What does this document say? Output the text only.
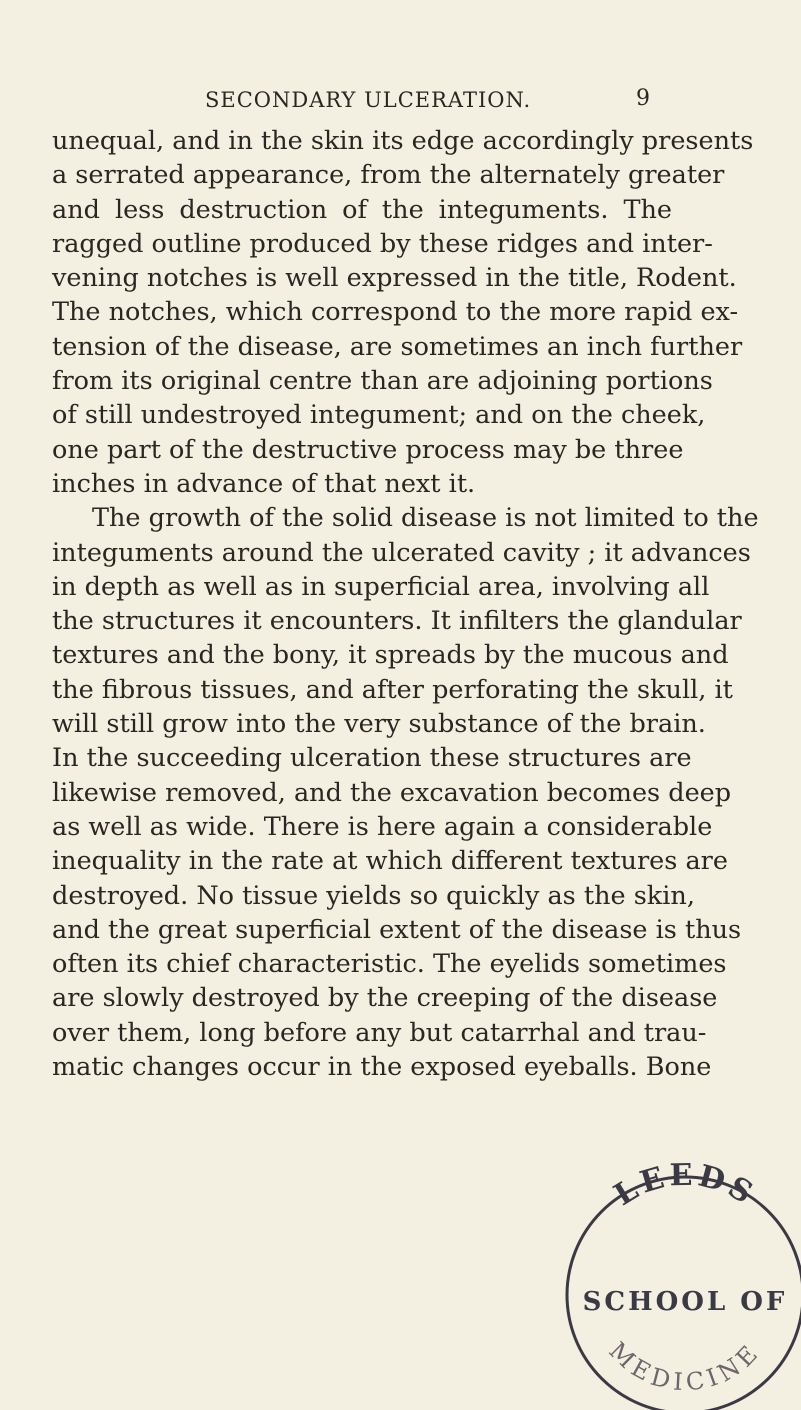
SECONDARY ULCERATION.	9
unequal, and in the skin its edge accordingly presents
a serrated appearance, from the alternately greater
and less destruction of the integuments. The
ragged outline produced by these ridges and inter-
vening notches is well expressed in the title, Rodent.
The notches, which correspond to the more rapid ex-
tension of the disease, are sometimes an inch further
from its original centre than are adjoining portions
of still undestroyed integument; and on the cheek,
one part of the destructive process may be three
inches in advance of that next it.
The growth of the solid disease is not limited to the
integuments around the ulcerated cavity ; it advances
in depth as well as in superficial area, involving all
the structures it encounters. It infilters the glandular
textures and the bony, it spreads by the mucous and
the fibrous tissues, and after perforating the skull, it
will still grow into the very substance of the brain.
In the succeeding ulceration these structures are
likewise removed, and the excavation becomes deep
as well as wide. There is here again a considerable
inequality in the rate at which different textures are
destroyed. No tissue yields so quickly as the skin,
and the great superficial extent of the disease is thus
often its chief characteristic. The eyelids sometimes
are slowly destroyed by the creeping of the disease
over them, long before any but catarrhal and trau-
matic changes occur in the exposed eyeballs. Bone
LEEDS
SCHOOL OF
MEDICINE
